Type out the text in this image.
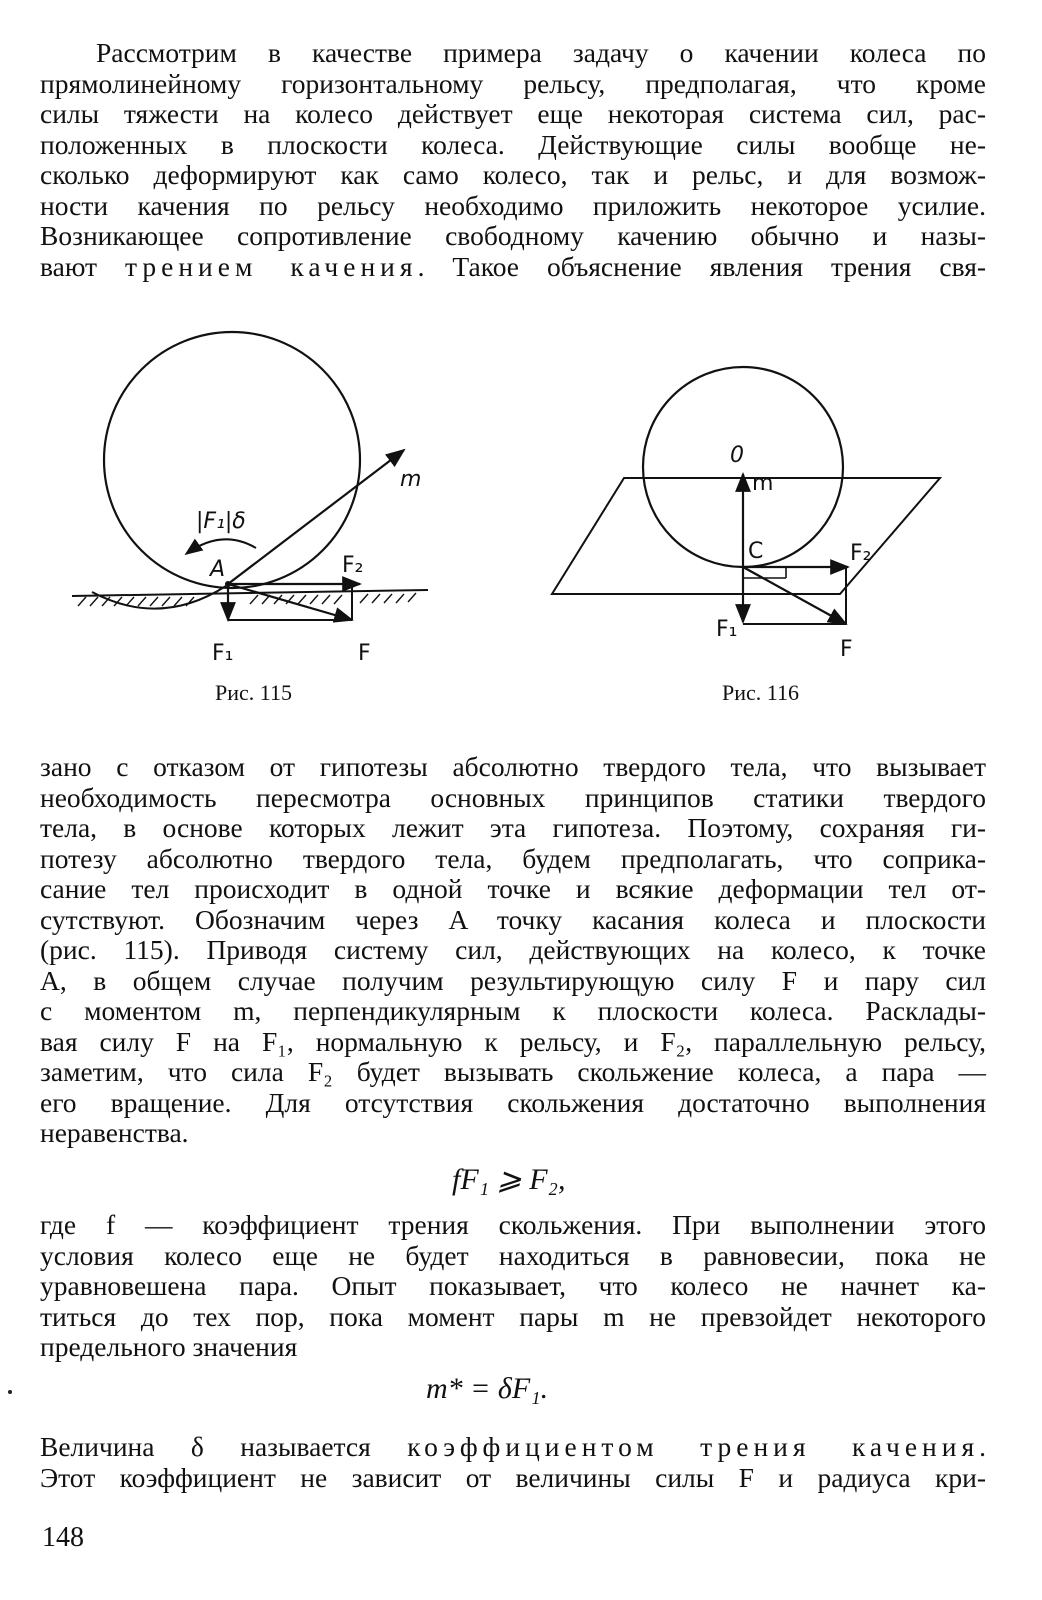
Рассмотрим в качестве примера задачу о качении колеса по
прямолинейному горизонтальному рельсу, предполагая, что кроме
силы тяжести на колесо действует еще некоторая система сил, рас-
положенных в плоскости колеса. Действующие силы вообще не-
сколько деформируют как само колесо, так и рельс, и для возмож-
ности качения по рельсу необходимо приложить некоторое усилие.
Возникающее сопротивление свободному качению обычно и назы-
вают трением качения. Такое объяснение явления трения свя-
m
|F₁|δ
A	F₂
F₁	F
0
m
C	F₂
F₁
F
Рис. 115	Рис. 116
зано с отказом от гипотезы абсолютно твердого тела, что вызывает
необходимость пересмотра основных принципов статики твердого
тела, в основе которых лежит эта гипотеза. Поэтому, сохраняя ги-
потезу абсолютно твердого тела, будем предполагать, что соприка-
сание тел происходит в одной точке и всякие деформации тел от-
сутствуют. Обозначим через A точку касания колеса и плоскости
(рис. 115). Приводя систему сил, действующих на колесо, к точке
A, в общем случае получим результирующую силу F и пару сил
с моментом m, перпендикулярным к плоскости колеса. Расклады-
вая силу F на F₁, нормальную к рельсу, и F₂, параллельную рельсу,
заметим, что сила F₂ будет вызывать скольжение колеса, а пара —
его вращение. Для отсутствия скольжения достаточно выполнения
неравенства.
fF₁ ⩾ F₂,
где f — коэффициент трения скольжения. При выполнении этого
условия колесо еще не будет находиться в равновесии, пока не
уравновешена пара. Опыт показывает, что колесо не начнет ка-
титься до тех пор, пока момент пары m не превзойдет некоторого
предельного значения
m* = δF₁.
Величина δ называется коэффициентом трения качения.
Этот коэффициент не зависит от величины силы F и радиуса кри-
148
